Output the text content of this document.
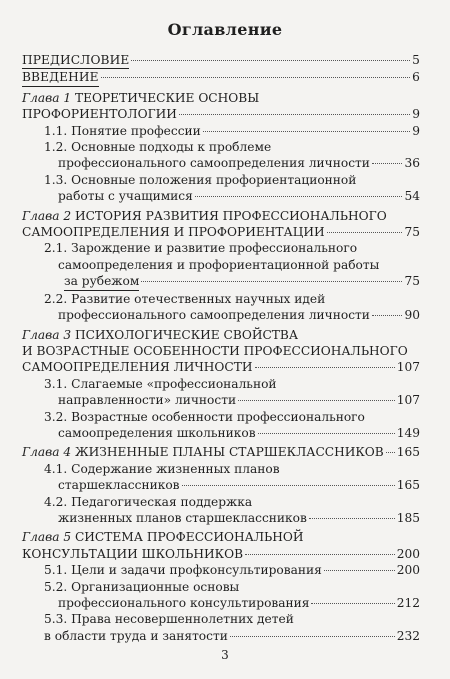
Оглавление
ПРЕДИСЛОВИЕ	5
ВВЕДЕНИЕ	6
Глава 1 ТЕОРЕТИЧЕСКИЕ ОСНОВЫ
ПРОФОРИЕНТОЛОГИИ	9
1.1. Понятие профессии	9
1.2. Основные подходы к проблеме
профессионального самоопределения личности	36
1.3. Основные положения профориентационной
работы с учащимися	54
Глава 2 ИСТОРИЯ РАЗВИТИЯ ПРОФЕССИОНАЛЬНОГО
САМООПРЕДЕЛЕНИЯ И ПРОФОРИЕНТАЦИИ	75
2.1. Зарождение и развитие профессионального
самоопределения и профориентационной работы
за рубежом	75
2.2. Развитие отечественных научных идей
профессионального самоопределения личности	90
Глава 3 ПСИХОЛОГИЧЕСКИЕ СВОЙСТВА
И ВОЗРАСТНЫЕ ОСОБЕННОСТИ ПРОФЕССИОНАЛЬНОГО
САМООПРЕДЕЛЕНИЯ ЛИЧНОСТИ	107
3.1. Слагаемые «профессиональной
направленности» личности	107
3.2. Возрастные особенности профессионального
самоопределения школьников	149
Глава 4 ЖИЗНЕННЫЕ ПЛАНЫ СТАРШЕКЛАССНИКОВ 165
4.1. Содержание жизненных планов
старшеклассников	165
4.2. Педагогическая поддержка
жизненных планов старшеклассников	185
Глава 5 СИСТЕМА ПРОФЕССИОНАЛЬНОЙ
КОНСУЛЬТАЦИИ ШКОЛЬНИКОВ	200
5.1. Цели и задачи профконсультирования	200
5.2. Организационные основы
профессионального консультирования	212
5.3. Права несовершеннолетних детей
в области труда и занятости	232
3
